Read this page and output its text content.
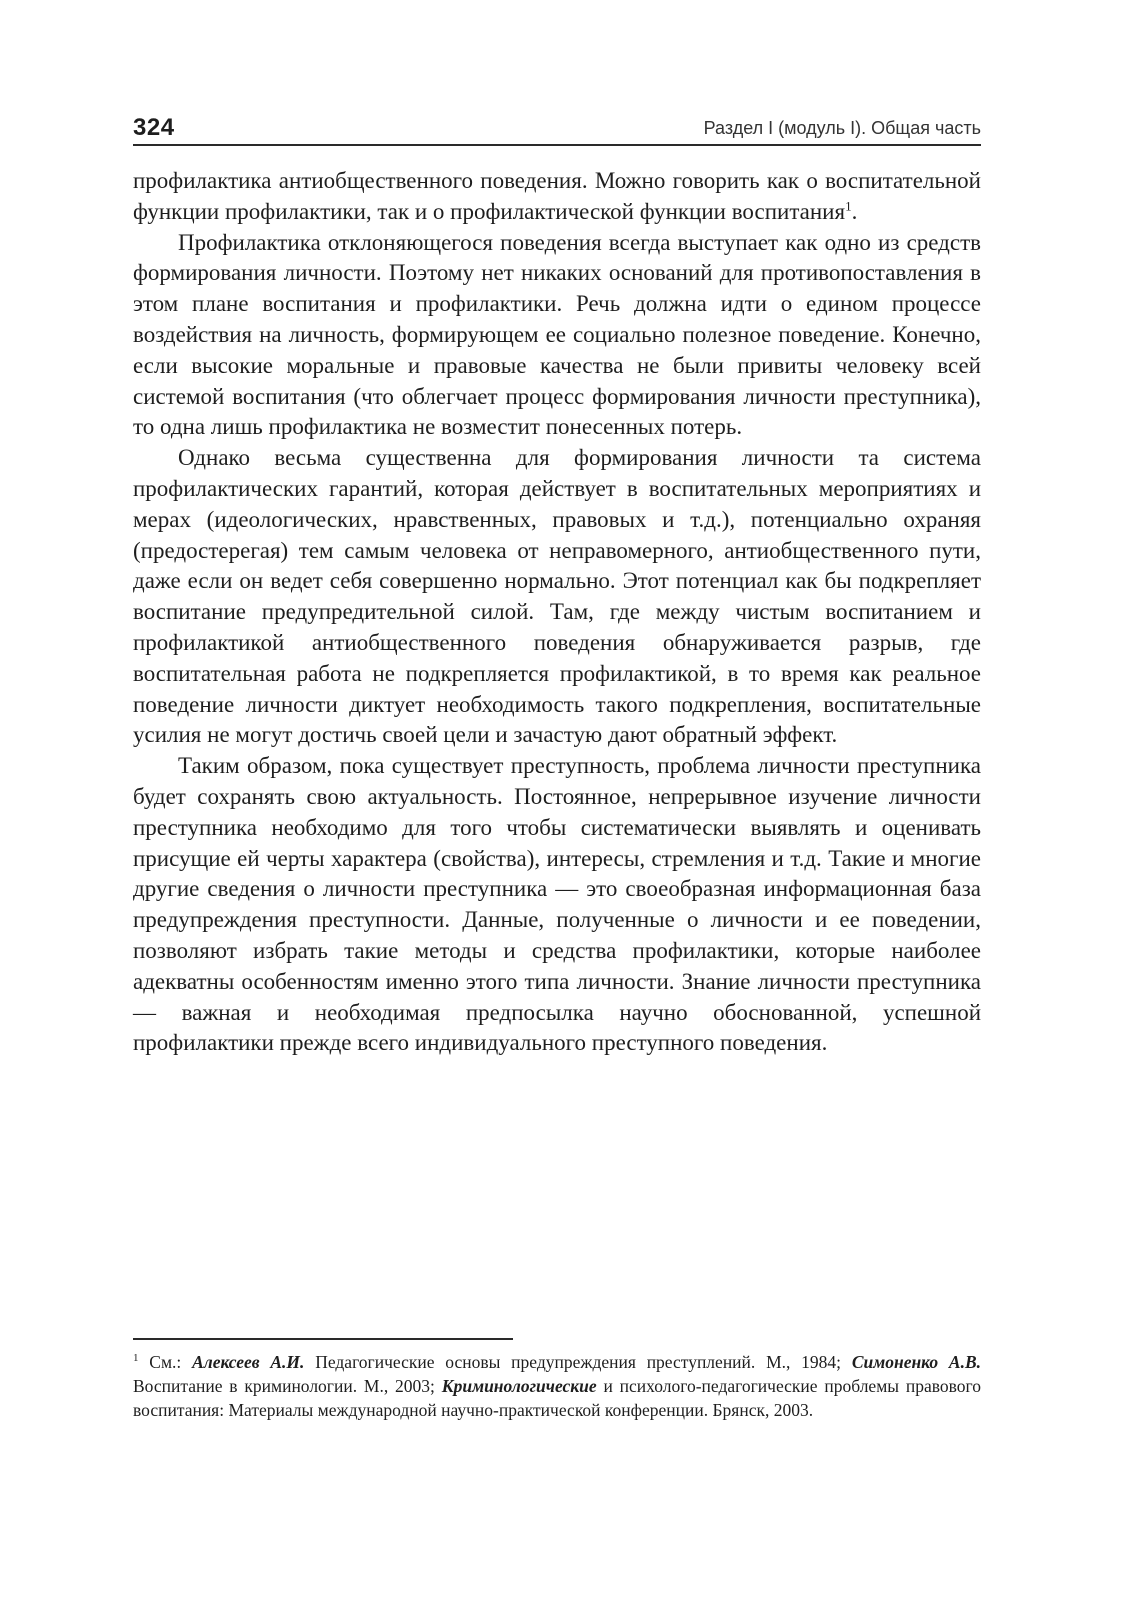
324	Раздел I (модуль I). Общая часть

профилактика антиобщественного поведения. Можно говорить как о воспитательной функции профилактики, так и о профилактической функции воспитания$^1$.

Профилактика отклоняющегося поведения всегда выступает как одно из средств формирования личности. Поэтому нет никаких оснований для противопоставления в этом плане воспитания и профилактики. Речь должна идти о едином процессе воздействия на личность, формирующем ее социально полезное поведение. Конечно, если высокие моральные и правовые качества не были привиты человеку всей системой воспитания (что облегчает процесс формирования личности преступника), то одна лишь профилактика не возместит понесенных потерь.

Однако весьма существенна для формирования личности та система профилактических гарантий, которая действует в воспитательных мероприятиях и мерах (идеологических, нравственных, правовых и т.д.), потенциально охраняя (предостерегая) тем самым человека от неправомерного, антиобщественного пути, даже если он ведет себя совершенно нормально. Этот потенциал как бы подкрепляет воспитание предупредительной силой. Там, где между чистым воспитанием и профилактикой антиобщественного поведения обнаруживается разрыв, где воспитательная работа не подкрепляется профилактикой, в то время как реальное поведение личности диктует необходимость такого подкрепления, воспитательные усилия не могут достичь своей цели и зачастую дают обратный эффект.

Таким образом, пока существует преступность, проблема личности преступника будет сохранять свою актуальность. Постоянное, непрерывное изучение личности преступника необходимо для того чтобы систематически выявлять и оценивать присущие ей черты характера (свойства), интересы, стремления и т.д. Такие и многие другие сведения о личности преступника — это своеобразная информационная база предупреждения преступности. Данные, полученные о личности и ее поведении, позволяют избрать такие методы и средства профилактики, которые наиболее адекватны особенностям именно этого типа личности. Знание личности преступника — важная и необходимая предпосылка научно обоснованной, успешной профилактики прежде всего индивидуального преступного поведения.

$^1$ См.: Алексеев А.И. Педагогические основы предупреждения преступлений. М., 1984; Симоненко А.В. Воспитание в криминологии. М., 2003; Криминологические и психолого-педагогические проблемы правового воспитания: Материалы международной научно-практической конференции. Брянск, 2003.
